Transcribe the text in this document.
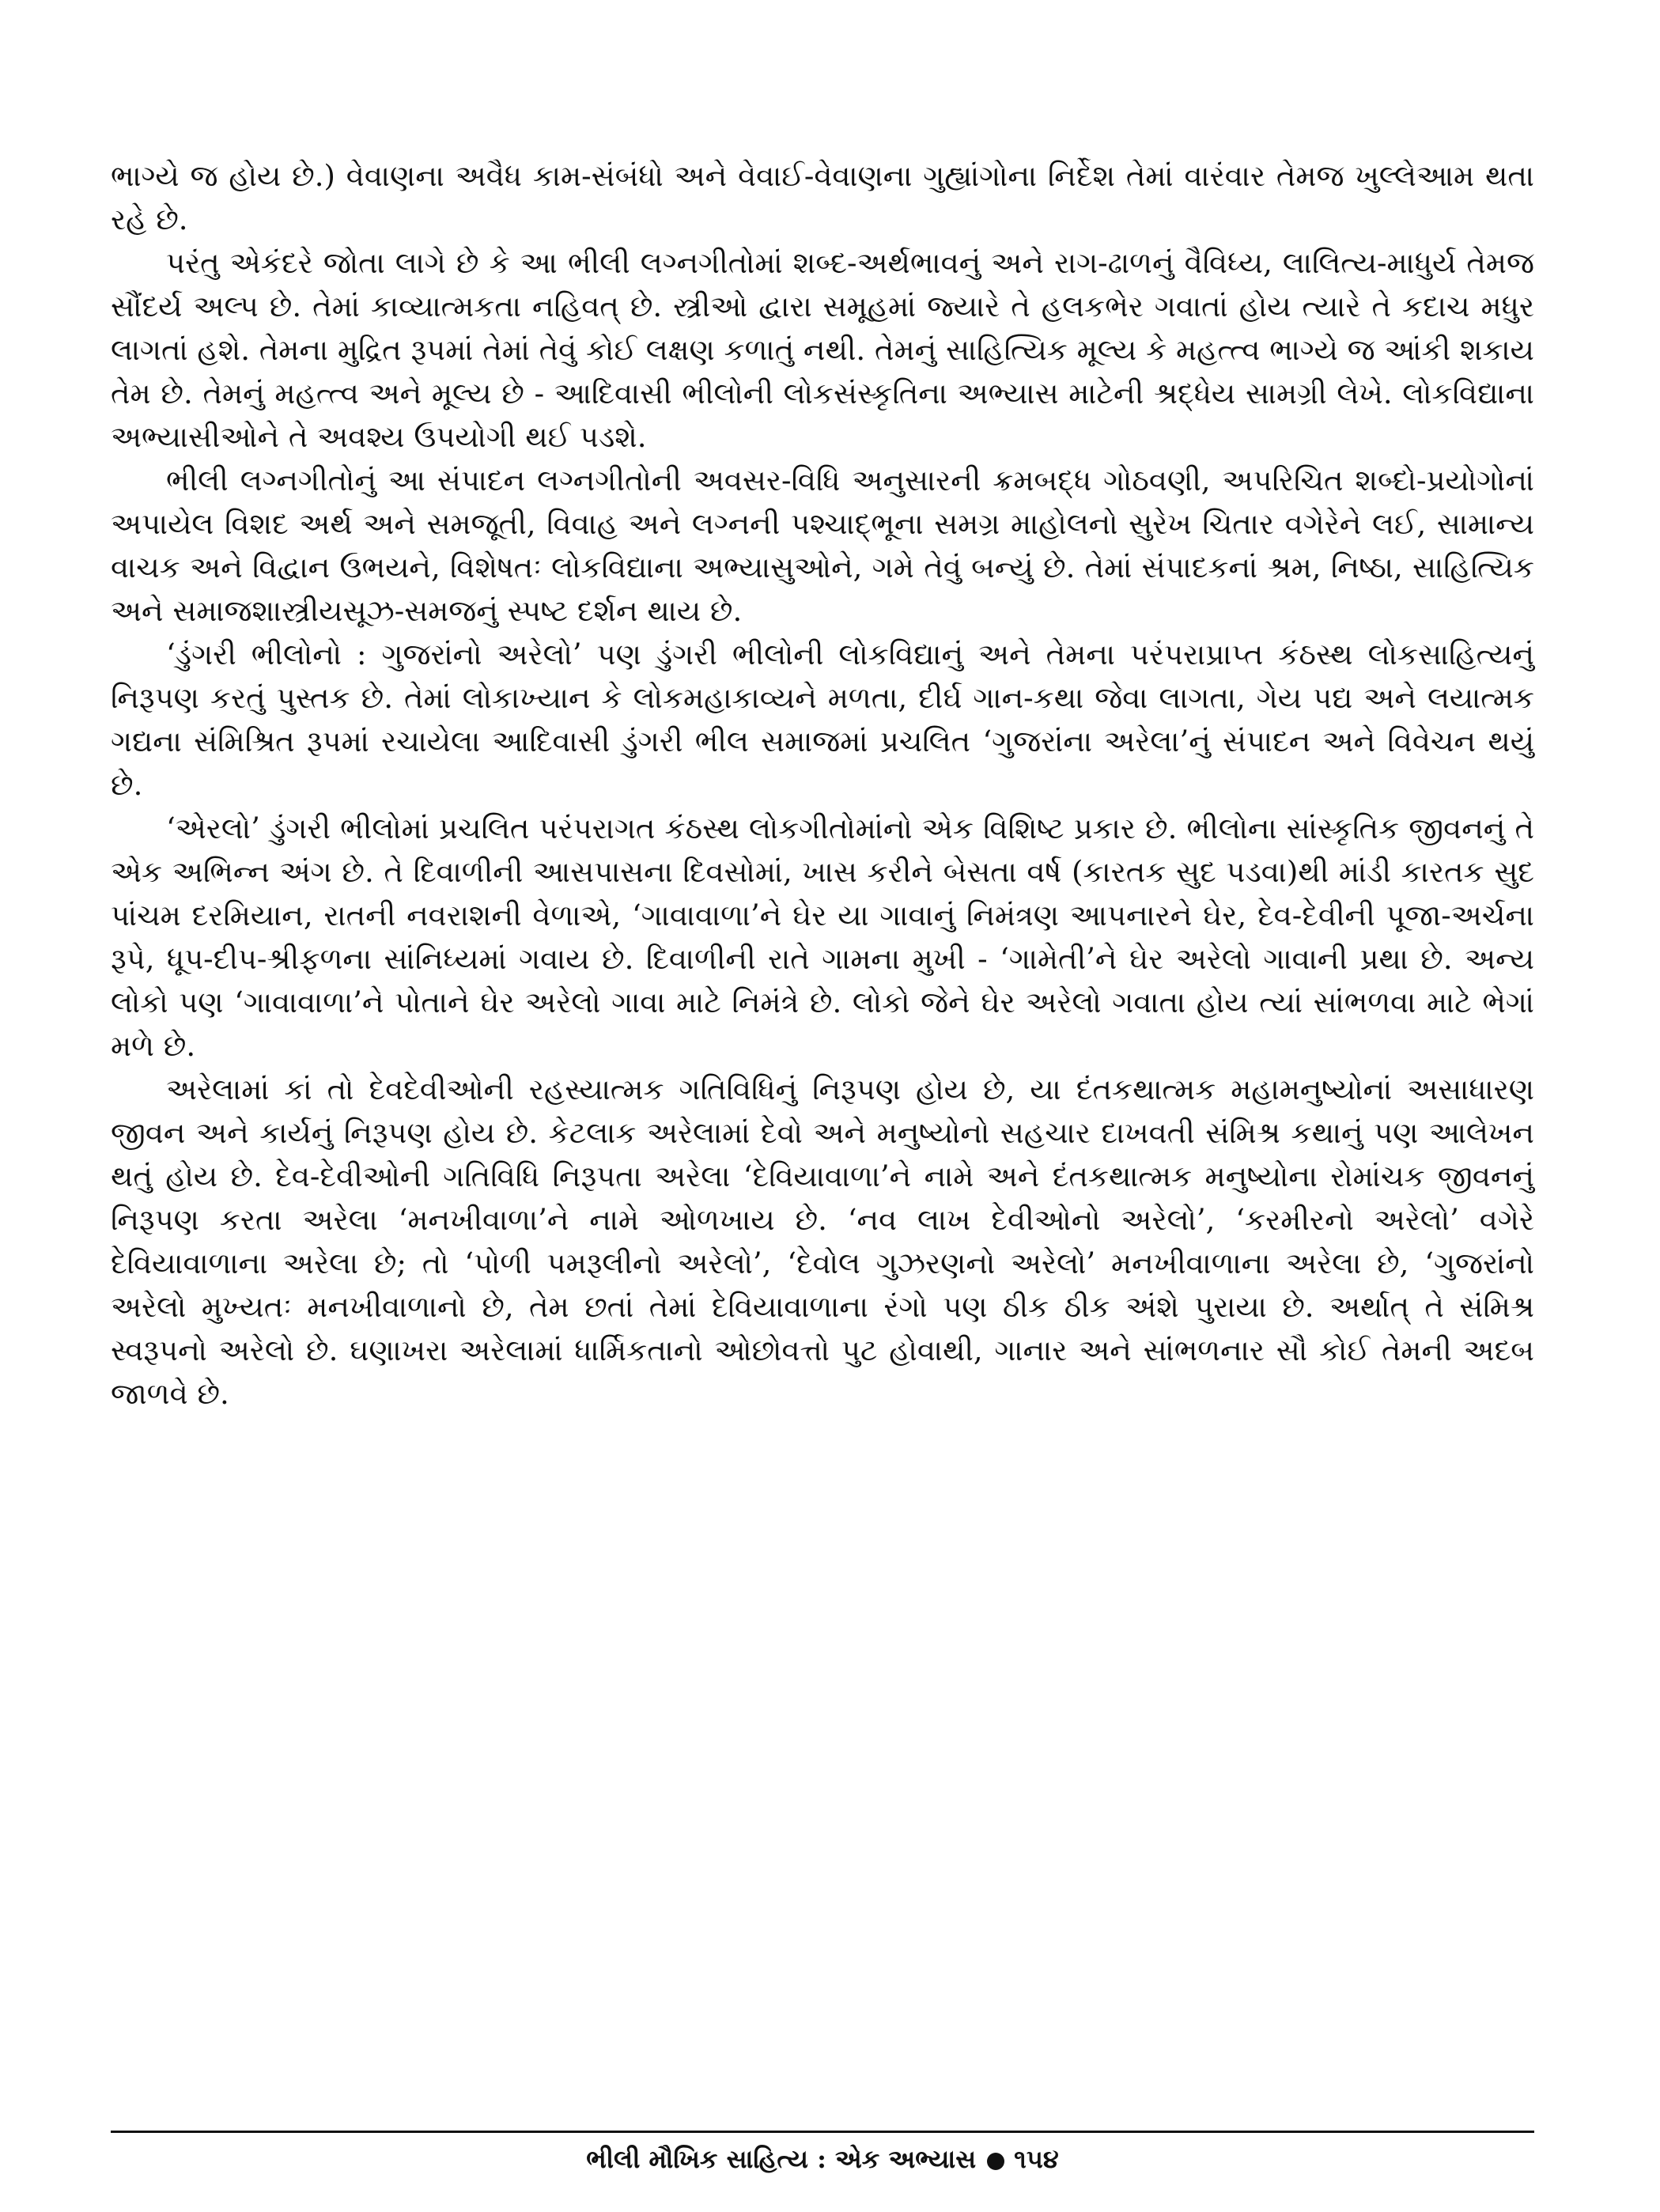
ભાગ્યે જ હોય છે.) વેવાણના અવૈધ કામ-સંબંધો અને વેવાઈ-વેવાણના ગુહ્યાંગોના નિર્દેશ તેમાં વારંવાર તેમજ ખુલ્લેઆમ થતા રહે છે.

પરંતુ એકંદરે જોતા લાગે છે કે આ ભીલી લગ્નગીતોમાં શબ્દ-અર્થભાવનું અને રાગ-ઢાળનું વૈવિધ્ય, લાલિત્ય-માધુર્ય તેમજ સૌંદર્ય અલ્પ છે. તેમાં કાવ્યાત્મકતા નહિવત્ છે. સ્ત્રીઓ દ્વારા સમૂહમાં જ્યારે તે હલકભેર ગવાતાં હોય ત્યારે તે કદાચ મધુર લાગતાં હશે. તેમના મુદ્રિત રૂપમાં તેમાં તેવું કોઈ લક્ષણ કળાતું નથી. તેમનું સાહિત્યિક મૂલ્ય કે મહત્ત્વ ભાગ્યે જ આંકી શકાય તેમ છે. તેમનું મહત્ત્વ અને મૂલ્ય છે - આદિવાસી ભીલોની લોકસંસ્કૃતિના અભ્યાસ માટેની શ્રદ્ધેય સામગ્રી લેખે. લોકવિદ્યાના અભ્યાસીઓને તે અવશ્ય ઉપયોગી થઈ પડશે.

ભીલી લગ્નગીતોનું આ સંપાદન લગ્નગીતોની અવસર-વિધિ અનુસારની ક્રમબદ્ધ ગોઠવણી, અપરિચિત શબ્દો-પ્રયોગોનાં અપાયેલ વિશદ અર્થ અને સમજૂતી, વિવાહ અને લગ્નની પશ્ચાદ્ભૂના સમગ્ર માહોલનો સુરેખ ચિતાર વગેરેને લઈ, સામાન્ય વાચક અને વિદ્વાન ઉભયને, વિશેષતઃ લોકવિદ્યાના અભ્યાસુઓને, ગમે તેવું બન્યું છે. તેમાં સંપાદકનાં શ્રમ, નિષ્ઠા, સાહિત્યિક અને સમાજશાસ્ત્રીયસૂઝ-સમજનું સ્પષ્ટ દર્શન થાય છે.

‘ડુંગરી ભીલોનો : ગુજરાંનો અરેલો’ પણ ડુંગરી ભીલોની લોકવિદ્યાનું અને તેમના પરંપરાપ્રાપ્ત કંઠસ્થ લોકસાહિત્યનું નિરૂપણ કરતું પુસ્તક છે. તેમાં લોકાખ્યાન કે લોકમહાકાવ્યને મળતા, દીર્ઘ ગાન-કથા જેવા લાગતા, ગેય પદ્ય અને લયાત્મક ગદ્યના સંમિશ્રિત રૂપમાં રચાયેલા આદિવાસી ડુંગરી ભીલ સમાજમાં પ્રચલિત ‘ગુજરાંના અરેલા’નું સંપાદન અને વિવેચન થયું છે.

‘એરલો’ ડુંગરી ભીલોમાં પ્રચલિત પરંપરાગત કંઠસ્થ લોકગીતોમાંનો એક વિશિષ્ટ પ્રકાર છે. ભીલોના સાંસ્કૃતિક જીવનનું તે એક અભિન્ન અંગ છે. તે દિવાળીની આસપાસના દિવસોમાં, ખાસ કરીને બેસતા વર્ષ (કારતક સુદ પડવા)થી માંડી કારતક સુદ પાંચમ દરમિયાન, રાતની નવરાશની વેળાએ, ‘ગાવાવાળા’ને ઘેર યા ગાવાનું નિમંત્રણ આપનારને ઘેર, દેવ-દેવીની પૂજા-અર્ચના રૂપે, ધૂપ-દીપ-શ્રીફળના સાંનિધ્યમાં ગવાય છે. દિવાળીની રાતે ગામના મુખી - ‘ગામેતી’ને ઘેર અરેલો ગાવાની પ્રથા છે. અન્ય લોકો પણ ‘ગાવાવાળા’ને પોતાને ઘેર અરેલો ગાવા માટે નિમંત્રે છે. લોકો જેને ઘેર અરેલો ગવાતા હોય ત્યાં સાંભળવા માટે ભેગાં મળે છે.

અરેલામાં કાં તો દેવદેવીઓની રહસ્યાત્મક ગતિવિધિનું નિરૂપણ હોય છે, યા દંતકથાત્મક મહામનુષ્યોનાં અસાધારણ જીવન અને કાર્યનું નિરૂપણ હોય છે. કેટલાક અરેલામાં દેવો અને મનુષ્યોનો સહચાર દાખવતી સંમિશ્ર કથાનું પણ આલેખન થતું હોય છે. દેવ-દેવીઓની ગતિવિધિ નિરૂપતા અરેલા ‘દેવિયાવાળા’ને નામે અને દંતકથાત્મક મનુષ્યોના રોમાંચક જીવનનું નિરૂપણ કરતા અરેલા ‘મનખીવાળા’ને નામે ઓળખાય છે. ‘નવ લાખ દેવીઓનો અરેલો’, ‘કરમીરનો અરેલો’ વગેરે દેવિયાવાળાના અરેલા છે; તો ‘પોળી પમરૂલીનો અરેલો’, ‘દેવોલ ગુઝરણનો અરેલો’ મનખીવાળાના અરેલા છે, ‘ગુજરાંનો અરેલો મુખ્યતઃ મનખીવાળાનો છે, તેમ છતાં તેમાં દેવિયાવાળાના રંગો પણ ઠીક ઠીક અંશે પુરાયા છે. અર્થાત્ તે સંમિશ્ર સ્વરૂપનો અરેલો છે. ઘણાખરા અરેલામાં ધાર્મિકતાનો ઓછોવત્તો પુટ હોવાથી, ગાનાર અને સાંભળનાર સૌ કોઈ તેમની અદબ જાળવે છે.

ભીલી મૌખિક સાહિત્ય : એક અભ્યાસ ૧૫૪
